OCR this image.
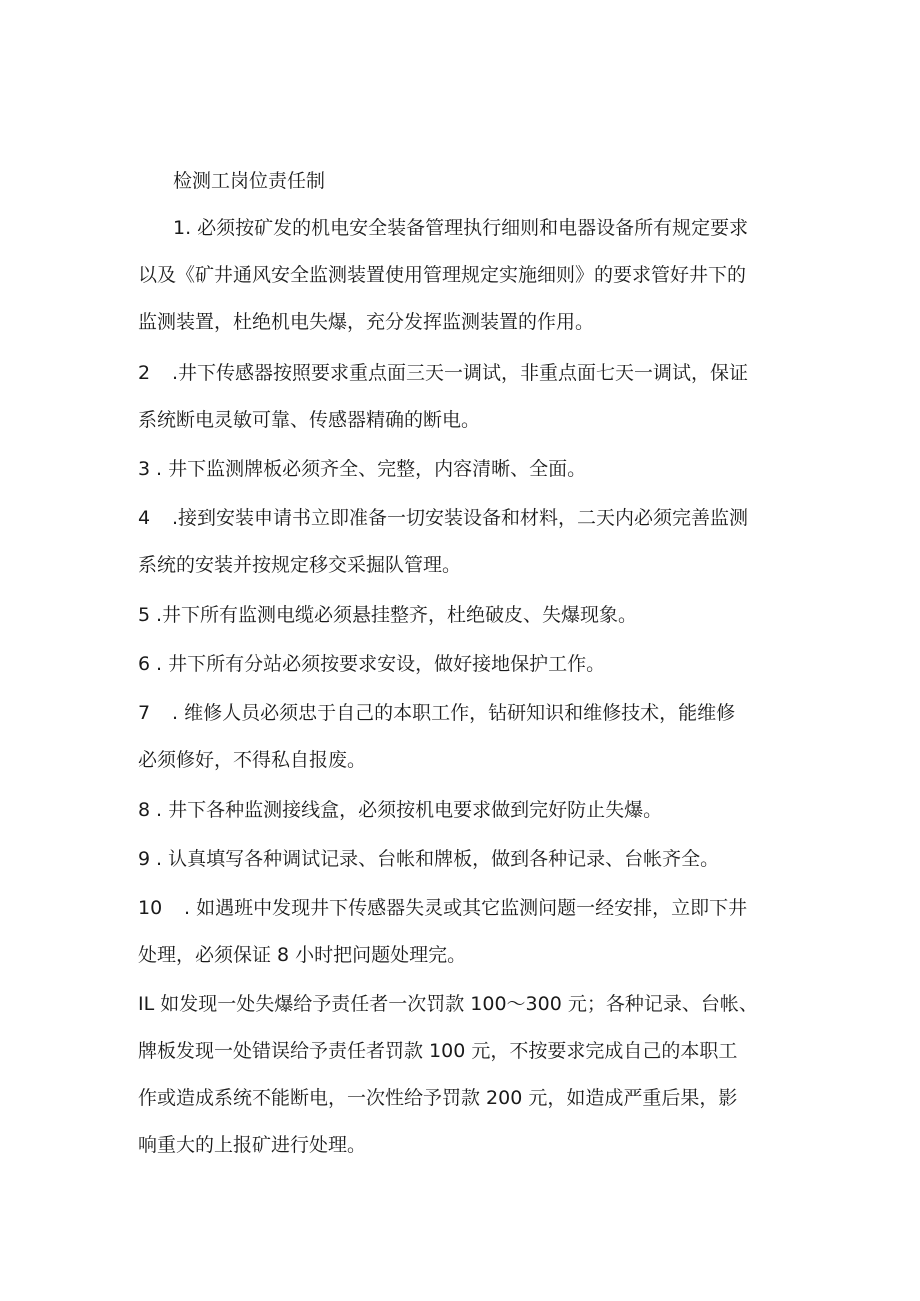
检测工岗位责任制
1. 必须按矿发的机电安全装备管理执行细则和电器设备所有规定要求
以及《矿井通风安全监测装置使用管理规定实施细则》的要求管好井下的
监测装置，杜绝机电失爆，充分发挥监测装置的作用。
2 .井下传感器按照要求重点面三天一调试，非重点面七天一调试，保证
系统断电灵敏可靠、传感器精确的断电。
3 . 井下监测牌板必须齐全、完整，内容清晰、全面。
4 .接到安装申请书立即准备一切安装设备和材料，二天内必须完善监测
系统的安装并按规定移交采掘队管理。
5 .井下所有监测电缆必须悬挂整齐，杜绝破皮、失爆现象。
6 . 井下所有分站必须按要求安设，做好接地保护工作。
7 . 维修人员必须忠于自己的本职工作，钻研知识和维修技术，能维修
必须修好，不得私自报废。
8 . 井下各种监测接线盒，必须按机电要求做到完好防止失爆。
9 . 认真填写各种调试记录、台帐和牌板，做到各种记录、台帐齐全。
10 . 如遇班中发现井下传感器失灵或其它监测问题一经安排，立即下井
处理，必须保证 8 小时把问题处理完。
IL 如发现一处失爆给予责任者一次罚款 100～300 元；各种记录、台帐、
牌板发现一处错误给予责任者罚款 100 元，不按要求完成自己的本职工
作或造成系统不能断电，一次性给予罚款 200 元，如造成严重后果，影
响重大的上报矿进行处理。
